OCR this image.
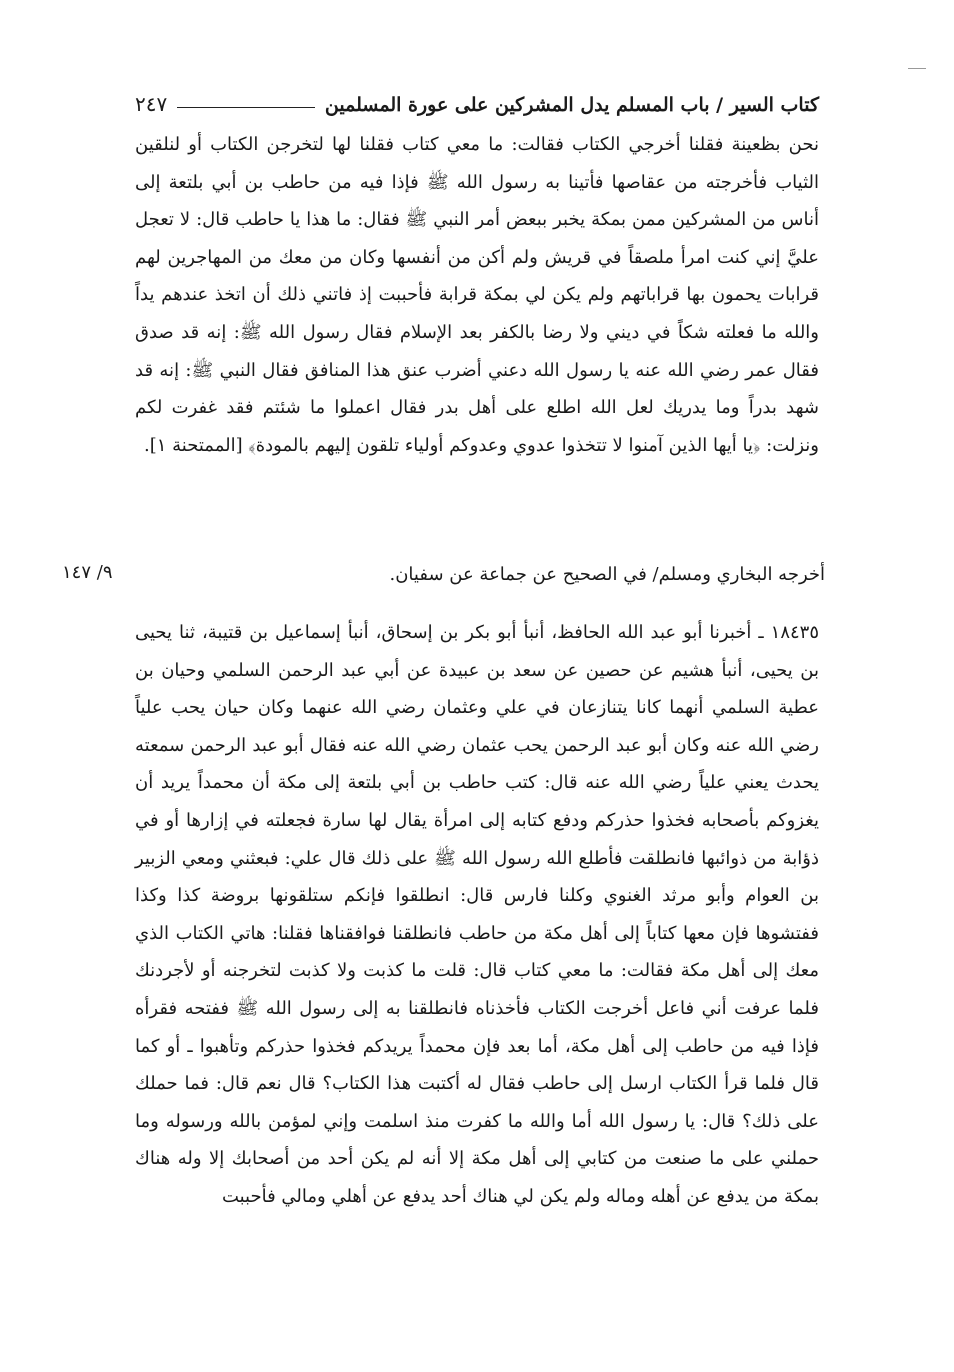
كتاب السير / باب المسلم يدل المشركين على عورة المسلمين
٢٤٧

نحن بظعينة فقلنا أخرجي الكتاب فقالت: ما معي كتاب فقلنا لها لتخرجن الكتاب أو لنلقين الثياب فأخرجته من عقاصها فأتينا به رسول الله ﷺ فإذا فيه من حاطب بن أبي بلتعة إلى أناس من المشركين ممن بمكة يخبر ببعض أمر النبي ﷺ فقال: ما هذا يا حاطب قال: لا تعجل عليَّ إني كنت امرأ ملصقاً في قريش ولم أكن من أنفسها وكان من معك من المهاجرين لهم قرابات يحمون بها قراباتهم ولم يكن لي بمكة قرابة فأحببت إذ فاتني ذلك أن اتخذ عندهم يداً والله ما فعلته شكاً في ديني ولا رضا بالكفر بعد الإسلام فقال رسول الله ﷺ: إنه قد صدق فقال عمر رضي الله عنه يا رسول الله دعني أضرب عنق هذا المنافق فقال النبي ﷺ: إنه قد شهد بدراً وما يدريك لعل الله اطلع على أهل بدر فقال اعملوا ما شئتم فقد غفرت لكم ونزلت: ﴿يا أيها الذين آمنوا لا تتخذوا عدوي وعدوكم أولياء تلقون إليهم بالمودة﴾ [الممتحنة ١].

٩/ ١٤٧	أخرجه البخاري ومسلم/ في الصحيح عن جماعة عن سفيان.

١٨٤٣٥ ـ أخبرنا أبو عبد الله الحافظ، أنبأ أبو بكر بن إسحاق، أنبأ إسماعيل بن قتيبة، ثنا يحيى بن يحيى، أنبأ هشيم عن حصين عن سعد بن عبيدة عن أبي عبد الرحمن السلمي وحيان بن عطية السلمي أنهما كانا يتنازعان في علي وعثمان رضي الله عنهما وكان حيان يحب علياً رضي الله عنه وكان أبو عبد الرحمن يحب عثمان رضي الله عنه فقال أبو عبد الرحمن سمعته يحدث يعني علياً رضي الله عنه قال: كتب حاطب بن أبي بلتعة إلى مكة أن محمداً يريد أن يغزوكم بأصحابه فخذوا حذركم ودفع كتابه إلى امرأة يقال لها سارة فجعلته في إزارها أو في ذؤابة من ذوائبها فانطلقت فأطلع الله رسول الله ﷺ على ذلك قال علي: فبعثني ومعي الزبير بن العوام وأبو مرثد الغنوي وكلنا فارس قال: انطلقوا فإنكم ستلقونها بروضة كذا وكذا ففتشوها فإن معها كتاباً إلى أهل مكة من حاطب فانطلقنا فوافقناها فقلنا: هاتي الكتاب الذي معك إلى أهل مكة فقالت: ما معي كتاب قال: قلت ما كذبت ولا كذبت لتخرجنه أو لأجردنك فلما عرفت أني فاعل أخرجت الكتاب فأخذناه فانطلقنا به إلى رسول الله ﷺ ففتحه فقرأه فإذا فيه من حاطب إلى أهل مكة، أما بعد فإن محمداً يريدكم فخذوا حذركم وتأهبوا ـ أو كما قال فلما قرأ الكتاب ارسل إلى حاطب فقال له أكتبت هذا الكتاب؟ قال نعم قال: فما حملك على ذلك؟ قال: يا رسول الله أما والله ما كفرت منذ اسلمت وإني لمؤمن بالله ورسوله وما حملني على ما صنعت من كتابي إلى أهل مكة إلا أنه لم يكن أحد من أصحابك إلا وله هناك بمكة من يدفع عن أهله وماله ولم يكن لي هناك أحد يدفع عن أهلي ومالي فأحببت
